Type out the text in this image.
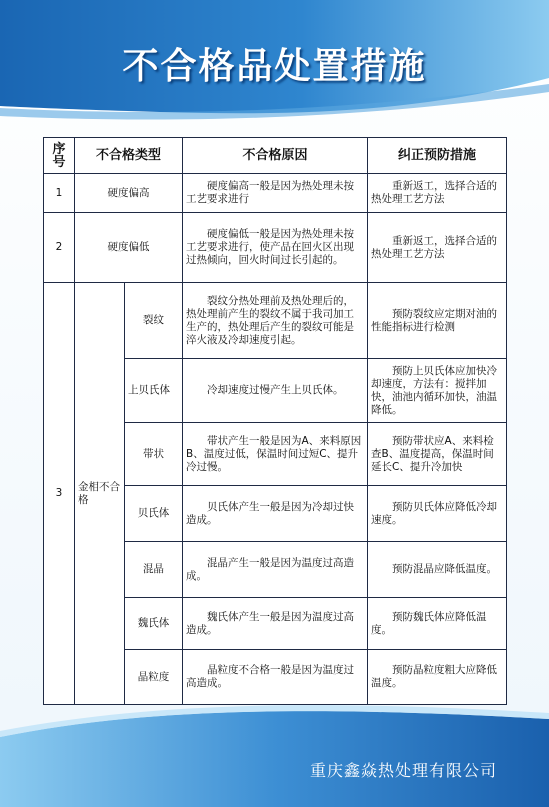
不合格品处置措施
序号	不合格类型		不合格原因	纠正预防措施
1	硬度偏高		硬度偏高一般是因为热处理未按工艺要求进行	重新返工，选择合适的热处理工艺方法
2	硬度偏低		硬度偏低一般是因为热处理未按工艺要求进行，使产品在回火区出现过热倾向，回火时间过长引起的。	重新返工，选择合适的热处理工艺方法
3	金相不合格	裂纹	裂纹分热处理前及热处理后的，热处理前产生的裂纹不属于我司加工生产的，热处理后产生的裂纹可能是淬火液及冷却速度引起。	预防裂纹应定期对油的性能指标进行检测
		上贝氏体	冷却速度过慢产生上贝氏体。	预防上贝氏体应加快冷却速度，方法有：搅拌加快，油池内循环加快，油温降低。
		带状	带状产生一般是因为A、来料原因B、温度过低，保温时间过短C、提升冷过慢。	预防带状应A、来料检查B、温度提高，保温时间延长C、提升冷加快
		贝氏体	贝氏体产生一般是因为冷却过快造成。	预防贝氏体应降低冷却速度。
		混晶	混晶产生一般是因为温度过高造成。	预防混晶应降低温度。
		魏氏体	魏氏体产生一般是因为温度过高造成。	预防魏氏体应降低温度。
		晶粒度	晶粒度不合格一般是因为温度过高造成。	预防晶粒度粗大应降低温度。
重庆鑫焱热处理有限公司
